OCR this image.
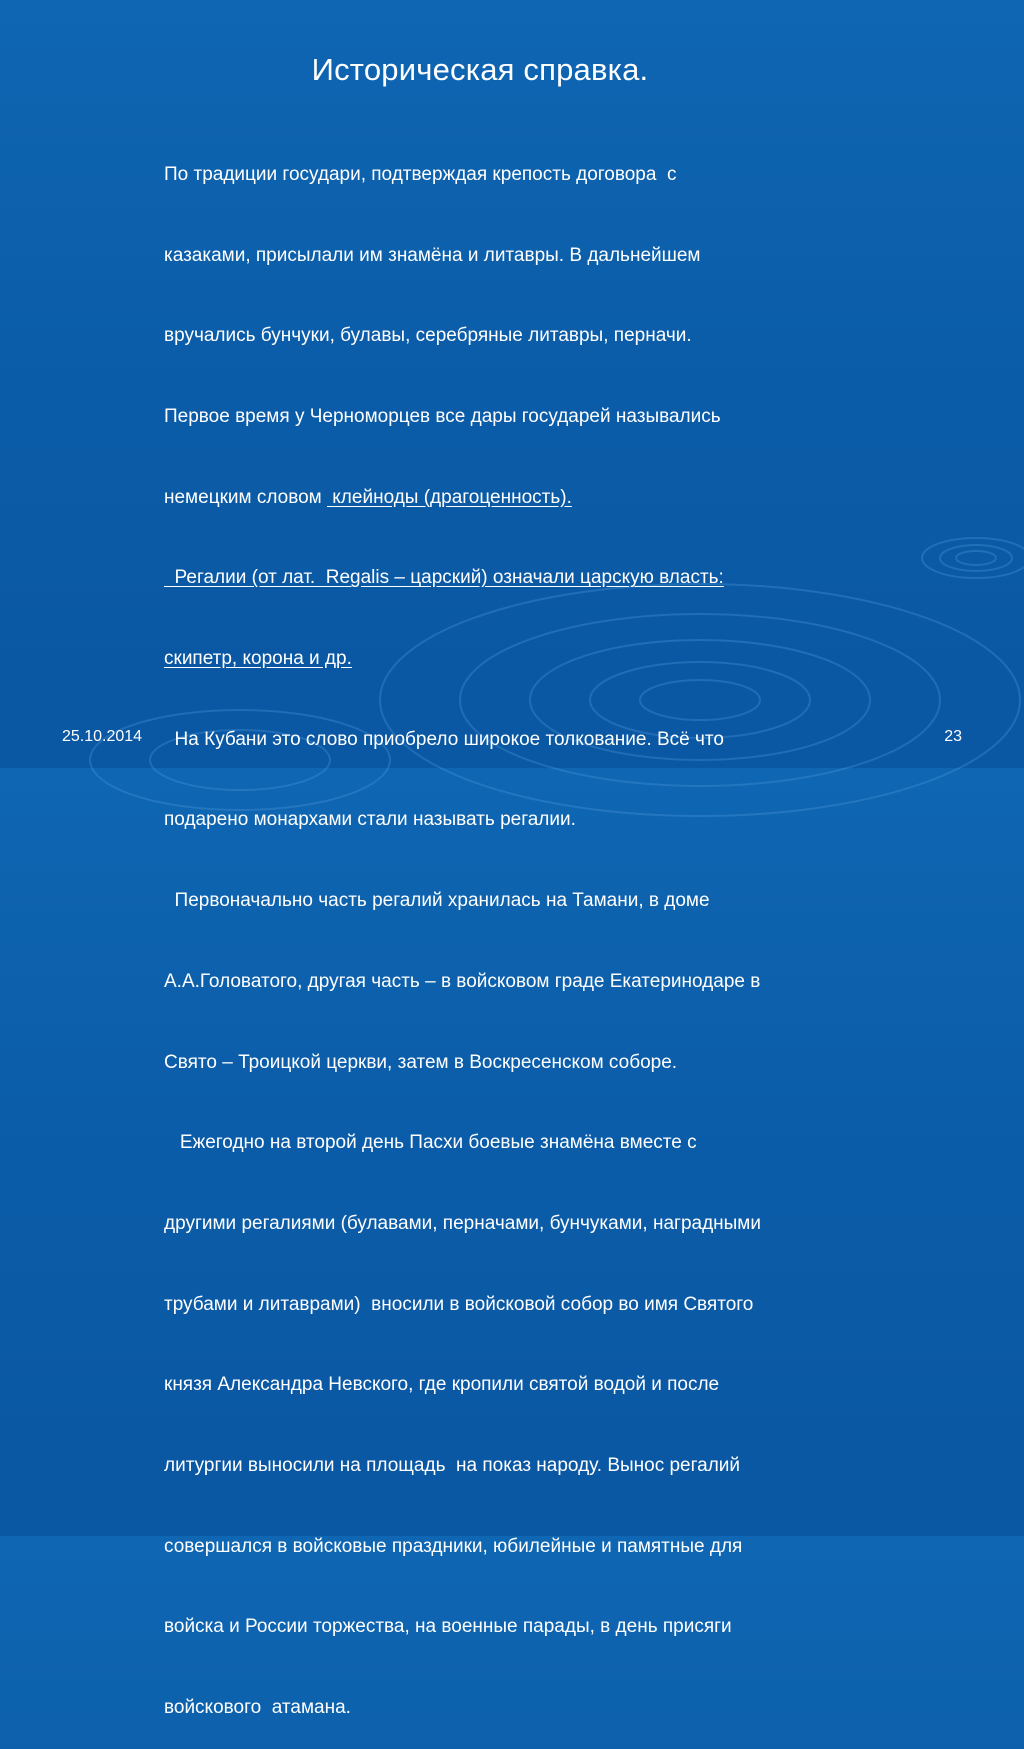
Историческая справка.

По традиции государи, подтверждая крепость договора  с

казаками, присылали им знамёна и литавры. В дальнейшем

вручались бунчуки, булавы, серебряные литавры, перначи.

Первое время у Черноморцев все дары государей назывались

немецким словом  клейноды (драгоценность).

Регалии (от лат.  Regalis – царский) означали царскую власть:

скипетр, корона и др.

На Кубани это слово приобрело широкое толкование. Всё что

подарено монархами стали называть регалии.

Первоначально часть регалий хранилась на Тамани, в доме

А.А.Головатого, другая часть – в войсковом граде Екатеринодаре в

Свято – Троицкой церкви, затем в Воскресенском соборе.

Ежегодно на второй день Пасхи боевые знамёна вместе с

другими регалиями (булавами, перначами, бунчуками, наградными

трубами и литаврами)  вносили в войсковой собор во имя Святого

князя Александра Невского, где кропили святой водой и после

литургии выносили на площадь  на показ народу. Вынос регалий

совершался в войсковые праздники, юбилейные и памятные для

войска и России торжества, на военные парады, в день присяги

войскового  атамана.

25.10.2014	23
